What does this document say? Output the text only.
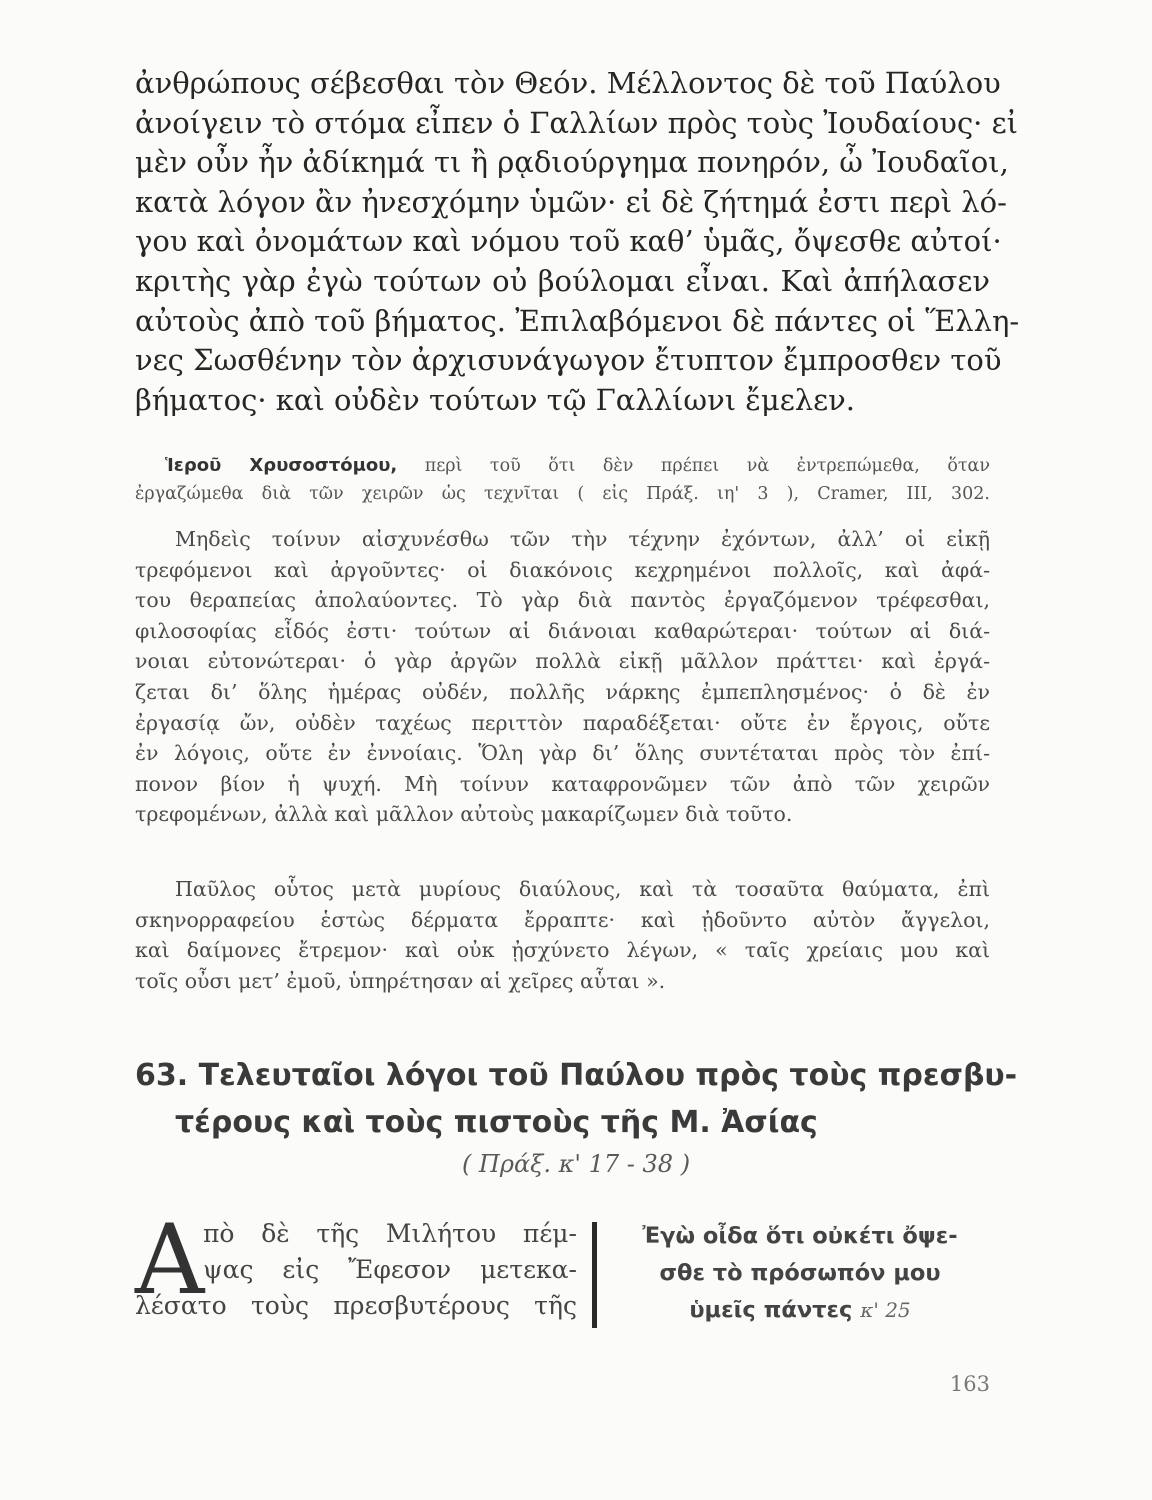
ἀνθρώπους σέβεσθαι τὸν Θεόν. Μέλλοντος δὲ τοῦ Παύλου
ἀνοίγειν τὸ στόμα εἶπεν ὁ Γαλλίων πρὸς τοὺς Ἰουδαίους· εἰ
μὲν οὖν ἦν ἀδίκημά τι ἢ ρᾳδιούργημα πονηρόν, ὦ Ἰουδαῖοι,
κατὰ λόγον ἂν ἠνεσχόμην ὑμῶν· εἰ δὲ ζήτημά ἐστι περὶ λό-
γου καὶ ὀνομάτων καὶ νόμου τοῦ καθ’ ὑμᾶς, ὄψεσθε αὐτοί·
κριτὴς γὰρ ἐγὼ τούτων οὐ βούλομαι εἶναι. Καὶ ἀπήλασεν
αὐτοὺς ἀπὸ τοῦ βήματος. Ἐπιλαβόμενοι δὲ πάντες οἱ Ἕλλη-
νες Σωσθένην τὸν ἀρχισυνάγωγον ἔτυπτον ἔμπροσθεν τοῦ
βήματος· καὶ οὐδὲν τούτων τῷ Γαλλίωνι ἔμελεν.
Ἱεροῦ Χρυσοστόμου, περὶ τοῦ ὅτι δὲν πρέπει νὰ ἐντρεπώμεθα, ὅταν
ἐργαζώμεθα διὰ τῶν χειρῶν ὡς τεχνῖται ( εἰς Πράξ. ιη' 3 ), Cramer, III, 302.
Μηδεὶς τοίνυν αἰσχυνέσθω τῶν τὴν τέχνην ἐχόντων, ἀλλ’ οἱ εἰκῇ
τρεφόμενοι καὶ ἀργοῦντες· οἱ διακόνοις κεχρημένοι πολλοῖς, καὶ ἀφά-
του θεραπείας ἀπολαύοντες. Τὸ γὰρ διὰ παντὸς ἐργαζόμενον τρέφεσθαι,
φιλοσοφίας εἶδός ἐστι· τούτων αἱ διάνοιαι καθαρώτεραι· τούτων αἱ διά-
νοιαι εὐτονώτεραι· ὁ γὰρ ἀργῶν πολλὰ εἰκῇ μᾶλλον πράττει· καὶ ἐργά-
ζεται δι’ ὅλης ἡμέρας οὐδέν, πολλῆς νάρκης ἐμπεπλησμένος· ὁ δὲ ἐν
ἐργασίᾳ ὤν, οὐδὲν ταχέως περιττὸν παραδέξεται· οὔτε ἐν ἔργοις, οὔτε
ἐν λόγοις, οὔτε ἐν ἐννοίαις. Ὅλη γὰρ δι’ ὅλης συντέταται πρὸς τὸν ἐπί-
πονον βίον ἡ ψυχή. Μὴ τοίνυν καταφρονῶμεν τῶν ἀπὸ τῶν χειρῶν
τρεφομένων, ἀλλὰ καὶ μᾶλλον αὐτοὺς μακαρίζωμεν διὰ τοῦτο.
Παῦλος οὗτος μετὰ μυρίους διαύλους, καὶ τὰ τοσαῦτα θαύματα, ἐπὶ
σκηνορραφείου ἑστὼς δέρματα ἔρραπτε· καὶ ᾐδοῦντο αὐτὸν ἄγγελοι,
καὶ δαίμονες ἔτρεμον· καὶ οὐκ ᾐσχύνετο λέγων, « ταῖς χρείαις μου καὶ
τοῖς οὖσι μετ’ ἐμοῦ, ὑπηρέτησαν αἱ χεῖρες αὗται ».
63. Τελευταῖοι λόγοι τοῦ Παύλου πρὸς τοὺς πρεσβυ-
τέρους καὶ τοὺς πιστοὺς τῆς Μ. Ἀσίας
( Πράξ. κ' 17 - 38 )
Α
πὸ δὲ τῆς Μιλήτου πέμ-
ψας εἰς Ἔφεσον μετεκα-
λέσατο τοὺς πρεσβυτέρους τῆς
Ἐγὼ οἶδα ὅτι οὐκέτι ὄψε-
σθε τὸ πρόσωπόν μου
ὑμεῖς πάντες κ' 25
163
